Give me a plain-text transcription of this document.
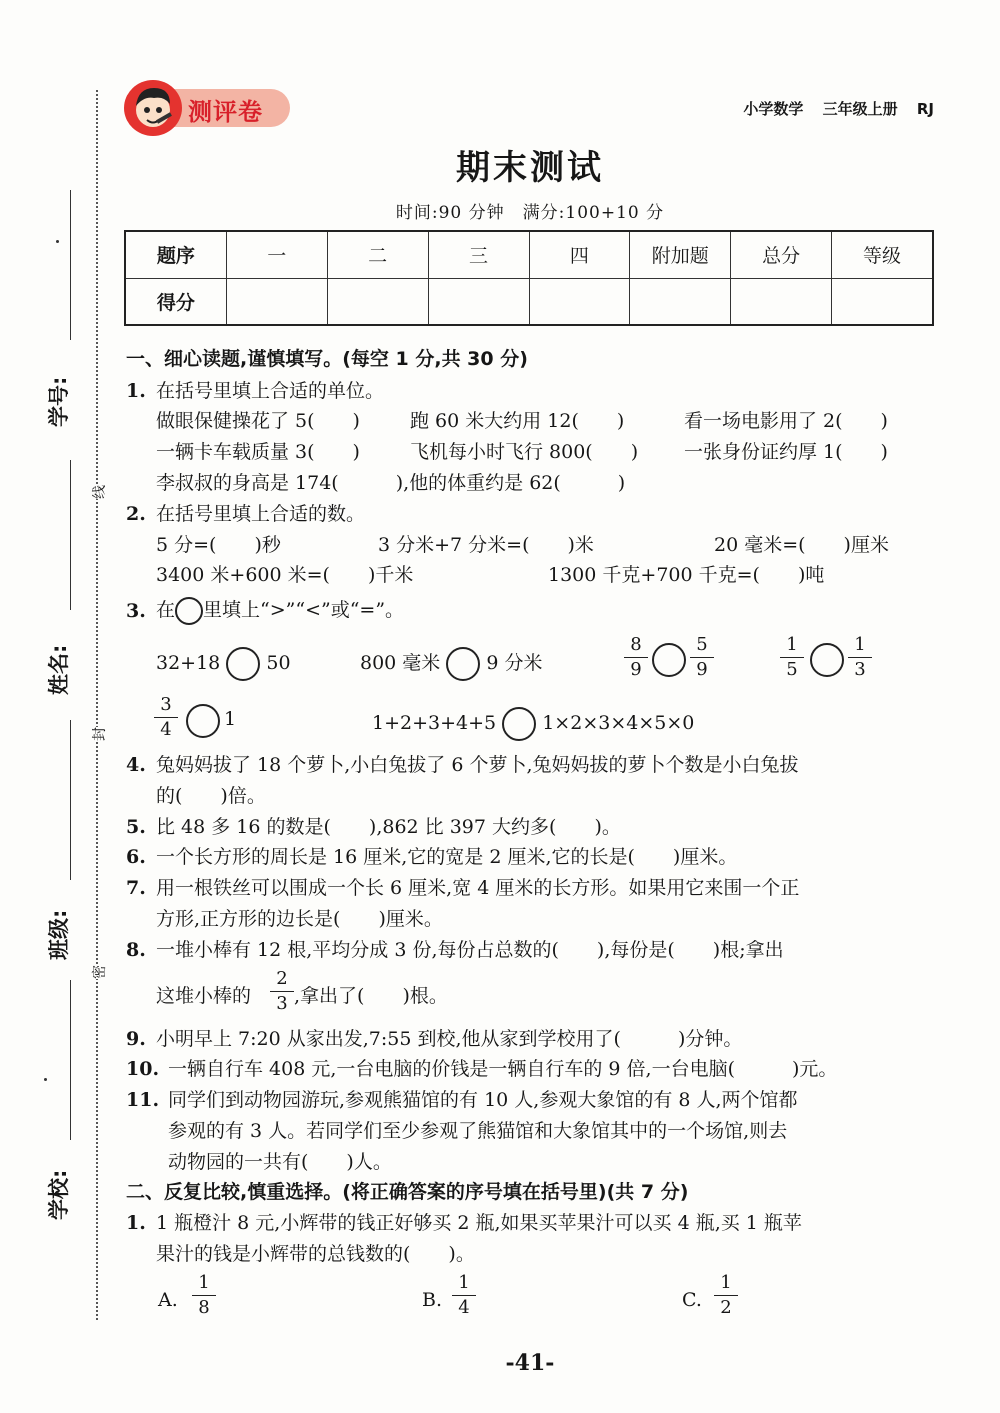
学号:
姓名:
班级:
学校:
线
封
密
测评卷	小学数学 三年级上册 RJ
期末测试
时间:90 分钟　满分:100+10 分
题序	一	二	三	四	附加题	总分	等级
得分							
一、细心读题,谨慎填写。(每空 1 分,共 30 分)
1. 在括号里填上合适的单位。
做眼保健操花了 5(　　)	跑 60 米大约用 12(　　)	看一场电影用了 2(　　)
一辆卡车载质量 3(　　)	飞机每小时飞行 800(　　) 一张身份证约厚 1(　　)
李叔叔的身高是 174(　　　),他的体重约是 62(　　　)
2. 在括号里填上合适的数。
5 分=(　　)秒	3 分米+7 分米=(　　)米	20 毫米=(　　)厘米
3400 米+600 米=(　　)千米	1300 千克+700 千克=(　　)吨
3. 在 里填上“>”“<”或“=”。
32+18 50	800 毫米 9 分米
8
9
5
9
1
5
1
3
3
4	1	1+2+3+4+5 1×2×3×4×5×0
4. 兔妈妈拔了 18 个萝卜,小白兔拔了 6 个萝卜,兔妈妈拔的萝卜个数是小白兔拔
的(　　)倍。
5. 比 48 多 16 的数是(　　),862 比 397 大约多(　　)。
6. 一个长方形的周长是 16 厘米,它的宽是 2 厘米,它的长是(　　)厘米。
7. 用一根铁丝可以围成一个长 6 厘米,宽 4 厘米的长方形。如果用它来围一个正
方形,正方形的边长是(　　)厘米。
8. 一堆小棒有 12 根,平均分成 3 份,每份占总数的(　　),每份是(　　)根;拿出
这堆小棒的
2
3 ,拿出了(　　)根。
9. 小明早上 7:20 从家出发,7:55 到校,他从家到学校用了(　　　)分钟。
10. 一辆自行车 408 元,一台电脑的价钱是一辆自行车的 9 倍,一台电脑(　　　)元。
11. 同学们到动物园游玩,参观熊猫馆的有 10 人,参观大象馆的有 8 人,两个馆都
参观的有 3 人。若同学们至少参观了熊猫馆和大象馆其中的一个场馆,则去
动物园的一共有(　　)人。
二、反复比较,慎重选择。(将正确答案的序号填在括号里)(共 7 分)
1. 1 瓶橙汁 8 元,小辉带的钱正好够买 2 瓶,如果买苹果汁可以买 4 瓶,买 1 瓶苹
果汁的钱是小辉带的总钱数的(　　)。
A.
1
8	B.
1
4	C.
1
2
-41-
